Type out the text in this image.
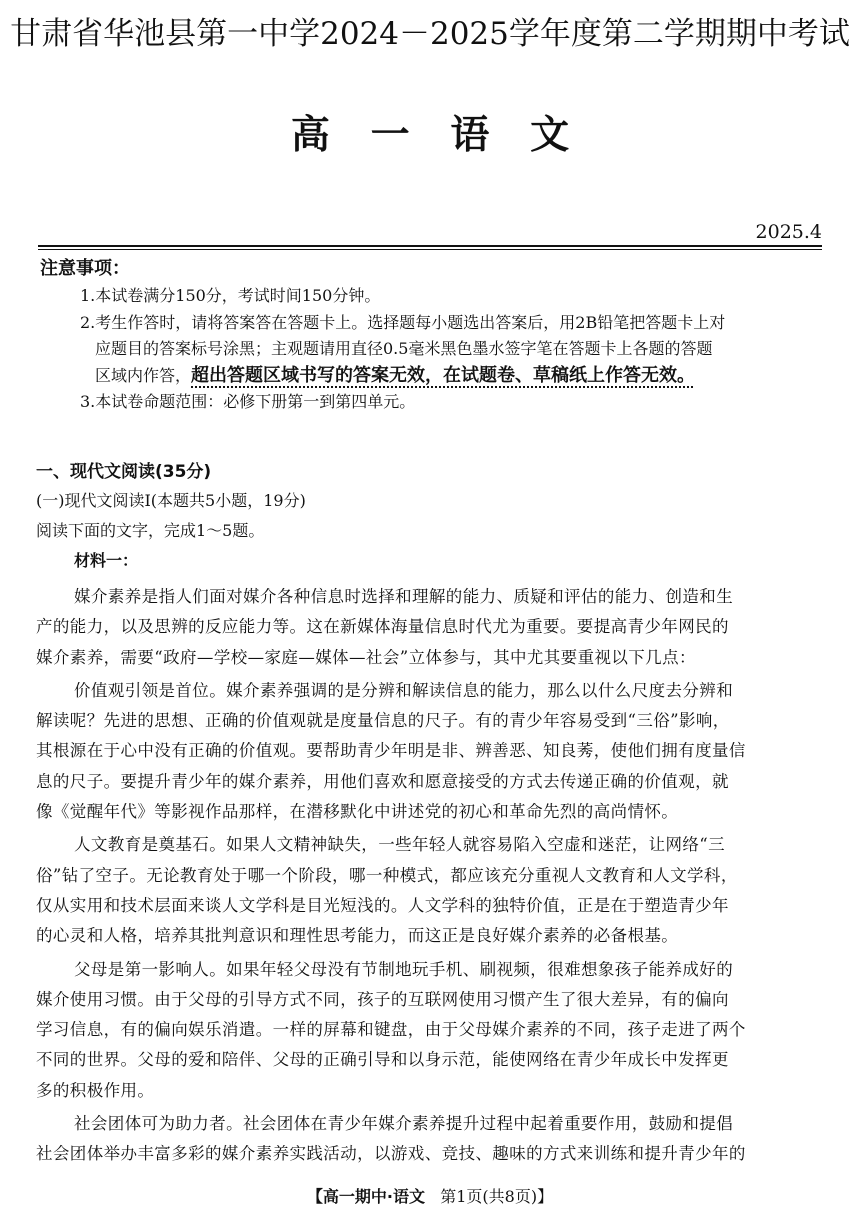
甘肃省华池县第一中学2024－2025学年度第二学期期中考试
高 一 语 文
2025.4
注意事项：
1.本试卷满分150分，考试时间150分钟。
2.考生作答时，请将答案答在答题卡上。选择题每小题选出答案后，用2B铅笔把答题卡上对
应题目的答案标号涂黑；主观题请用直径0.5毫米黑色墨水签字笔在答题卡上各题的答题
区域内作答，超出答题区域书写的答案无效，在试题卷、草稿纸上作答无效。
3.本试卷命题范围：必修下册第一到第四单元。
一、现代文阅读(35分)
(一)现代文阅读Ⅰ(本题共5小题，19分)
阅读下面的文字，完成1～5题。
材料一：
媒介素养是指人们面对媒介各种信息时选择和理解的能力、质疑和评估的能力、创造和生
产的能力，以及思辨的反应能力等。这在新媒体海量信息时代尤为重要。要提高青少年网民的
媒介素养，需要“政府—学校—家庭—媒体—社会”立体参与，其中尤其要重视以下几点：
价值观引领是首位。媒介素养强调的是分辨和解读信息的能力，那么以什么尺度去分辨和
解读呢？先进的思想、正确的价值观就是度量信息的尺子。有的青少年容易受到“三俗”影响，
其根源在于心中没有正确的价值观。要帮助青少年明是非、辨善恶、知良莠，使他们拥有度量信
息的尺子。要提升青少年的媒介素养，用他们喜欢和愿意接受的方式去传递正确的价值观，就
像《觉醒年代》等影视作品那样，在潜移默化中讲述党的初心和革命先烈的高尚情怀。
人文教育是奠基石。如果人文精神缺失，一些年轻人就容易陷入空虚和迷茫，让网络“三
俗”钻了空子。无论教育处于哪一个阶段，哪一种模式，都应该充分重视人文教育和人文学科，
仅从实用和技术层面来谈人文学科是目光短浅的。人文学科的独特价值，正是在于塑造青少年
的心灵和人格，培养其批判意识和理性思考能力，而这正是良好媒介素养的必备根基。
父母是第一影响人。如果年轻父母没有节制地玩手机、刷视频，很难想象孩子能养成好的
媒介使用习惯。由于父母的引导方式不同，孩子的互联网使用习惯产生了很大差异，有的偏向
学习信息，有的偏向娱乐消遣。一样的屏幕和键盘，由于父母媒介素养的不同，孩子走进了两个
不同的世界。父母的爱和陪伴、父母的正确引导和以身示范，能使网络在青少年成长中发挥更
多的积极作用。
社会团体可为助力者。社会团体在青少年媒介素养提升过程中起着重要作用，鼓励和提倡
社会团体举办丰富多彩的媒介素养实践活动，以游戏、竞技、趣味的方式来训练和提升青少年的
【高一期中·语文 第1页(共8页)】
